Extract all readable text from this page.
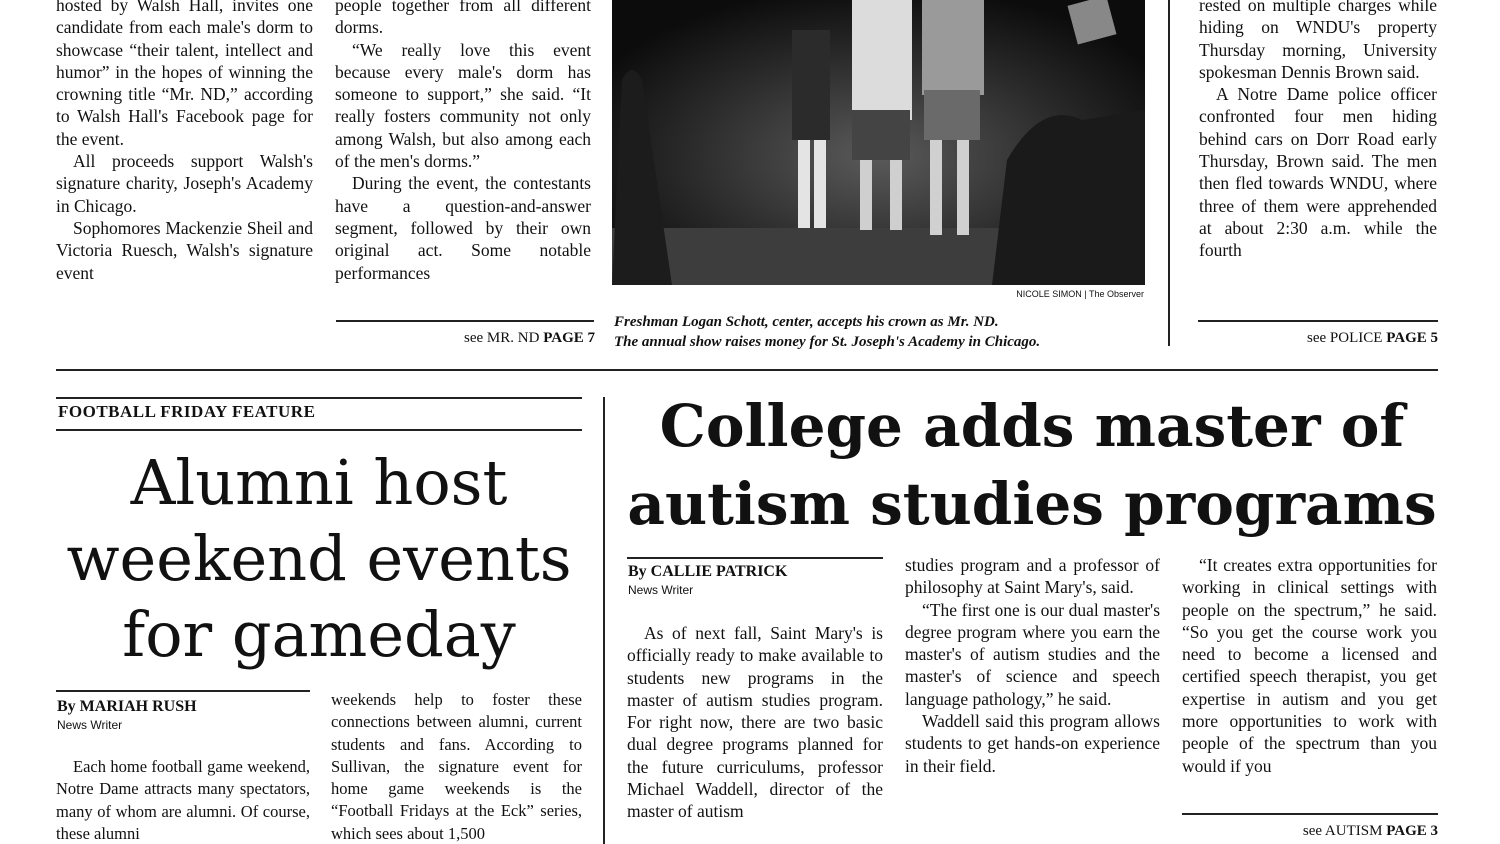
hosted by Walsh Hall, invites one candidate from each male's dorm to showcase “their talent, intellect and humor” in the hopes of winning the crowning title “Mr. ND,” according to Walsh Hall's Facebook page for the event.

All proceeds support Walsh's signature charity, Joseph's Academy in Chicago.

Sophomores Mackenzie Sheil and Victoria Ruesch, Walsh's signature event

people together from all different dorms.

“We really love this event because every male's dorm has someone to support,” she said. “It really fosters community not only among Walsh, but also among each of the men's dorms.”

During the event, the contestants have a question-and-answer segment, followed by their own original act. Some notable performances

see MR. ND PAGE 7
NICOLE SIMON | The Observer
Freshman Logan Schott, center, accepts his crown as Mr. ND.
The annual show raises money for St. Joseph's Academy in Chicago.

rested on multiple charges while hiding on WNDU's property Thursday morning, University spokesman Dennis Brown said.

A Notre Dame police officer confronted four men hiding behind cars on Dorr Road early Thursday, Brown said. The men then fled towards WNDU, where three of them were apprehended at about 2:30 a.m. while the fourth

see POLICE PAGE 5
FOOTBALL FRIDAY FEATURE
Alumni host
weekend events
for gameday
By MARIAH RUSH
News Writer

Each home football game weekend, Notre Dame attracts many spectators, many of whom are alumni. Of course, these alumni

weekends help to foster these connections between alumni, current students and fans. According to Sullivan, the signature event for home game weekends is the “Football Fridays at the Eck” series, which sees about 1,500

College adds master of
autism studies programs
By CALLIE PATRICK
News Writer

As of next fall, Saint Mary's is officially ready to make available to students new programs in the master of autism studies program. For right now, there are two basic dual degree programs planned for the future curriculums, professor Michael Waddell, director of the master of autism

studies program and a professor of philosophy at Saint Mary's, said.

“The first one is our dual master's degree program where you earn the master's of autism studies and the master's of science and speech language pathology,” he said.

Waddell said this program allows students to get hands-on experience in their field.

“It creates extra opportunities for working in clinical settings with people on the spectrum,” he said. “So you get the course work you need to become a licensed and certified speech therapist, you get expertise in autism and you get more opportunities to work with people of the spectrum than you would if you

see AUTISM PAGE 3
